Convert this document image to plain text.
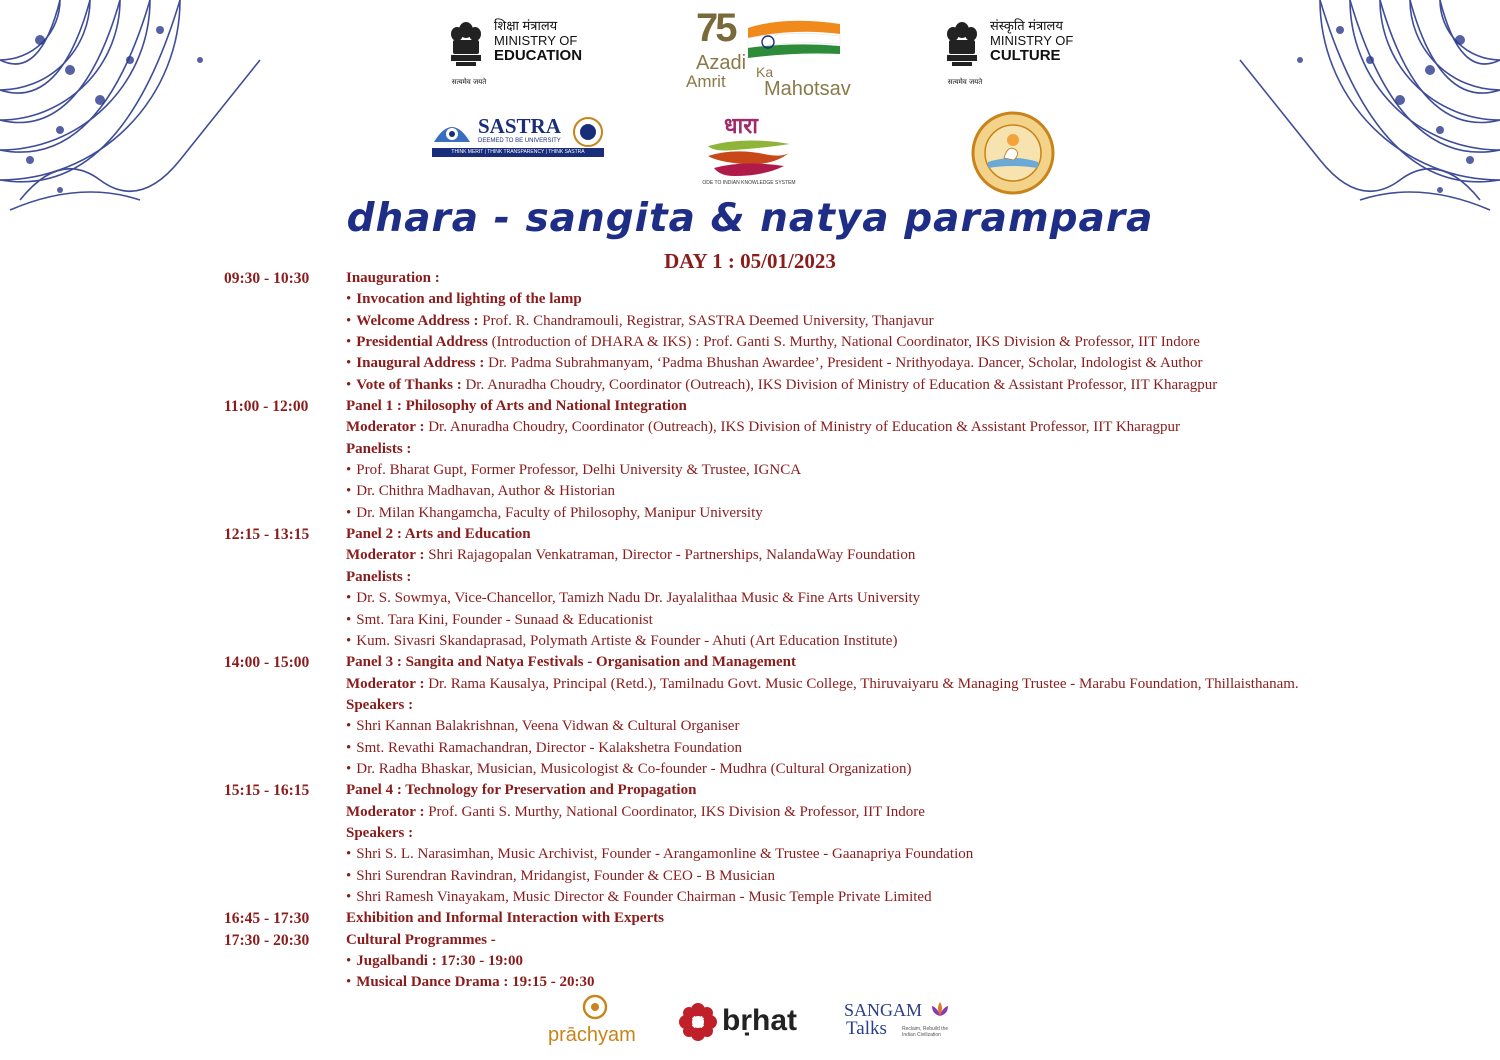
शिक्षा मंत्रालय
MINISTRY OF
EDUCATION
सत्यमेव जयते
75
Azadi Ka
Amrit Mahotsav

संस्कृति मंत्रालय
MINISTRY OF
CULTURE
सत्यमेव जयते
SASTRA
DEEMED TO BE UNIVERSITY
THINK MERIT | THINK TRANSPARENCY | THINK SASTRA
धारा
ODE TO INDIAN KNOWLEDGE SYSTEM
dhara - sangita & natya parampara
DAY 1 : 05/01/2023
09:30 - 10:30	Inauguration :
• Invocation and lighting of the lamp
• Welcome Address : Prof. R. Chandramouli, Registrar, SASTRA Deemed University, Thanjavur
• Presidential Address (Introduction of DHARA & IKS) : Prof. Ganti S. Murthy, National Coordinator, IKS Division & Professor, IIT Indore
• Inaugural Address : Dr. Padma Subrahmanyam, ‘Padma Bhushan Awardee’, President - Nrithyodaya. Dancer, Scholar, Indologist & Author
• Vote of Thanks : Dr. Anuradha Choudry, Coordinator (Outreach), IKS Division of Ministry of Education & Assistant Professor, IIT Kharagpur
11:00 - 12:00	Panel 1 : Philosophy of Arts and National Integration
Moderator : Dr. Anuradha Choudry, Coordinator (Outreach), IKS Division of Ministry of Education & Assistant Professor, IIT Kharagpur
Panelists :
• Prof. Bharat Gupt, Former Professor, Delhi University & Trustee, IGNCA
• Dr. Chithra Madhavan, Author & Historian
• Dr. Milan Khangamcha, Faculty of Philosophy, Manipur University
12:15 - 13:15	Panel 2 : Arts and Education
Moderator : Shri Rajagopalan Venkatraman, Director - Partnerships, NalandaWay Foundation
Panelists :
• Dr. S. Sowmya, Vice-Chancellor, Tamizh Nadu Dr. Jayalalithaa Music & Fine Arts University
• Smt. Tara Kini, Founder - Sunaad & Educationist
• Kum. Sivasri Skandaprasad, Polymath Artiste & Founder - Ahuti (Art Education Institute)
14:00 - 15:00	Panel 3 : Sangita and Natya Festivals - Organisation and Management
Moderator : Dr. Rama Kausalya, Principal (Retd.), Tamilnadu Govt. Music College, Thiruvaiyaru & Managing Trustee - Marabu Foundation, Thillaisthanam.
Speakers :
• Shri Kannan Balakrishnan, Veena Vidwan & Cultural Organiser
• Smt. Revathi Ramachandran, Director - Kalakshetra Foundation
• Dr. Radha Bhaskar, Musician, Musicologist & Co-founder - Mudhra (Cultural Organization)
15:15 - 16:15	Panel 4 : Technology for Preservation and Propagation
Moderator : Prof. Ganti S. Murthy, National Coordinator, IKS Division & Professor, IIT Indore
Speakers :
• Shri S. L. Narasimhan, Music Archivist, Founder - Arangamonline & Trustee - Gaanapriya Foundation
• Shri Surendran Ravindran, Mridangist, Founder & CEO - B Musician
• Shri Ramesh Vinayakam, Music Director & Founder Chairman - Music Temple Private Limited
16:45 - 17:30	Exhibition and Informal Interaction with Experts
17:30 - 20:30	Cultural Programmes -
• Jugalbandi : 17:30 - 19:00
• Musical Dance Drama : 19:15 - 20:30
prāchyam	bṛhat	SANGAM
Talks	Reclaim, Rebuild the Indian Civilization
